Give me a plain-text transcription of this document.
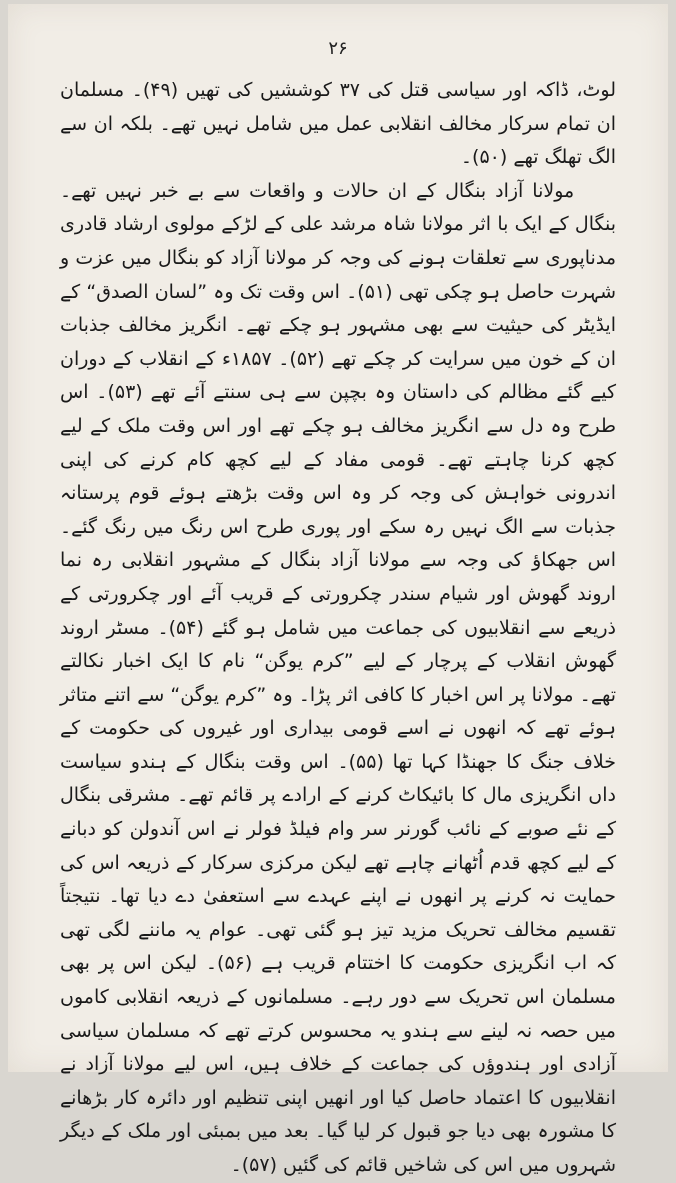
۲۶

لوٹ، ڈاکہ اور سیاسی قتل کی ۳۷ کوششیں کی تھیں (۴۹)۔ مسلمان ان تمام سرکار مخالف انقلابی عمل میں شامل نہیں تھے۔ بلکہ ان سے الگ تھلگ تھے (۵۰)۔

مولانا آزاد بنگال کے ان حالات و واقعات سے بے خبر نہیں تھے۔ بنگال کے ایک با اثر مولانا شاہ مرشد علی کے لڑکے مولوی ارشاد قادری مدناپوری سے تعلقات ہونے کی وجہ کر مولانا آزاد کو بنگال میں عزت و شہرت حاصل ہو چکی تھی (۵۱)۔ اس وقت تک وہ ”لسان الصدق“ کے ایڈیٹر کی حیثیت سے بھی مشہور ہو چکے تھے۔ انگریز مخالف جذبات ان کے خون میں سرایت کر چکے تھے (۵۲)۔ ۱۸۵۷ء کے انقلاب کے دوران کیے گئے مظالم کی داستان وہ بچپن سے ہی سنتے آئے تھے (۵۳)۔ اس طرح وہ دل سے انگریز مخالف ہو چکے تھے اور اس وقت ملک کے لیے کچھ کرنا چاہتے تھے۔ قومی مفاد کے لیے کچھ کام کرنے کی اپنی اندرونی خواہش کی وجہ کر وہ اس وقت بڑھتے ہوئے قوم پرستانہ جذبات سے الگ نہیں رہ سکے اور پوری طرح اس رنگ میں رنگ گئے۔ اس جھکاؤ کی وجہ سے مولانا آزاد بنگال کے مشہور انقلابی رہ نما اروند گھوش اور شیام سندر چکرورتی کے قریب آئے اور چکرورتی کے ذریعے سے انقلابیوں کی جماعت میں شامل ہو گئے (۵۴)۔ مسٹر اروند گھوش انقلاب کے پرچار کے لیے ”کرم یوگن“ نام کا ایک اخبار نکالتے تھے۔ مولانا پر اس اخبار کا کافی اثر پڑا۔ وہ ”کرم یوگن“ سے اتنے متاثر ہوئے تھے کہ انھوں نے اسے قومی بیداری اور غیروں کی حکومت کے خلاف جنگ کا جھنڈا کہا تھا (۵۵)۔ اس وقت بنگال کے ہندو سیاست داں انگریزی مال کا بائیکاٹ کرنے کے ارادے پر قائم تھے۔ مشرقی بنگال کے نئے صوبے کے نائب گورنر سر وام فیلڈ فولر نے اس آندولن کو دبانے کے لیے کچھ قدم اُٹھانے چاہے تھے لیکن مرکزی سرکار کے ذریعہ اس کی حمایت نہ کرنے پر انھوں نے اپنے عہدے سے استعفیٰ دے دیا تھا۔ نتیجتاً تقسیم مخالف تحریک مزید تیز ہو گئی تھی۔ عوام یہ ماننے لگی تھی کہ اب انگریزی حکومت کا اختتام قریب ہے (۵۶)۔ لیکن اس پر بھی مسلمان اس تحریک سے دور رہے۔ مسلمانوں کے ذریعہ انقلابی کاموں میں حصہ نہ لینے سے ہندو یہ محسوس کرتے تھے کہ مسلمان سیاسی آزادی اور ہندوؤں کی جماعت کے خلاف ہیں، اس لیے مولانا آزاد نے انقلابیوں کا اعتماد حاصل کیا اور انھیں اپنی تنظیم اور دائرہ کار بڑھانے کا مشورہ بھی دیا جو قبول کر لیا گیا۔ بعد میں بمبئی اور ملک کے دیگر شہروں میں اس کی شاخیں قائم کی گئیں (۵۷)۔
